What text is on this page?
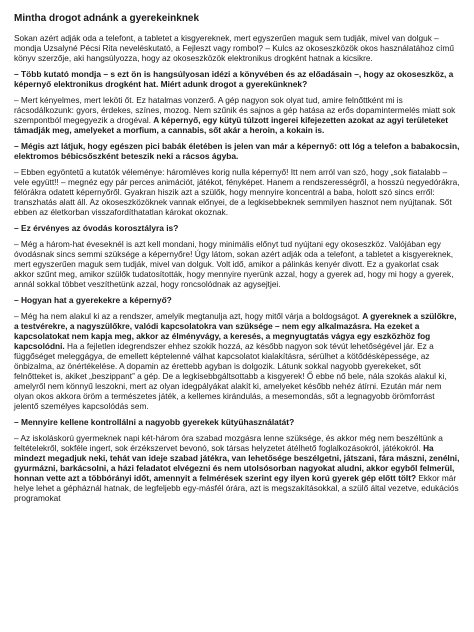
Mintha drogot adnánk a gyerekeinknek

Sokan azért adják oda a telefont, a tabletet a kisgyereknek, mert egyszerűen maguk sem tudják, mivel van dolguk – mondja Uzsalyné Pécsi Rita neveléskutató, a Fejleszt vagy rombol? – Kulcs az okoseszközök okos használatához című könyv szerzője, aki hangsúlyozza, hogy az okoseszközök elektronikus drogként hatnak a kicsikre.

– Több kutató mondja – s ezt ön is hangsúlyosan idézi a könyvében és az előadásain –, hogy az okoseszköz, a képernyő elektronikus drogként hat. Miért adunk drogot a gyerekünknek?

– Mert kényelmes, mert leköti őt. Ez hatalmas vonzerő. A gép nagyon sok olyat tud, amire felnőttként mi is rácsodálkozunk: gyors, érdekes, színes, mozog. Nem szűnik és sajnos a gép hatása az erős dopamintermelés miatt sok szempontból megegyezik a drogéval. A képernyő, egy kütyü túlzott ingerei kifejezetten azokat az agyi területeket támadják meg, amelyeket a morfium, a cannabis, sőt akár a heroin, a kokain is.

– Mégis azt látjuk, hogy egészen pici babák életében is jelen van már a képernyő: ott lóg a telefon a babakocsin, elektromos bébicsőszként beteszik neki a rácsos ágyba.

– Ebben egyöntetű a kutatók véleménye: háromléves korig nulla képernyő! Itt nem arról van szó, hogy „sok fiatalabb – vele együtt!! – megnéz egy pár perces animációt, játékot, fényképet. Hanem a rendszerességről, a hosszú negyedórákra, félórákra odatett képernyőről. Gyakran hiszik azt a szülők, hogy mennyire koncentrál a baba, holott szó sincs erről: transzhatás alatt áll. Az okoseszközöknek vannak előnyei, de a legkisebbeknek semmilyen hasznot nem nyújtanak. Sőt ebben az életkorban visszafordíthatatlan károkat okoznak.

– Ez érvényes az óvodás korosztályra is?

– Még a három-hat éveseknél is azt kell mondani, hogy minimális előnyt tud nyújtani egy okoseszköz. Valójában egy óvodásnak sincs semmi szüksége a képernyőre! Úgy látom, sokan azért adják oda a telefont, a tabletet a kisgyereknek, mert egyszerűen maguk sem tudják, mivel van dolguk. Volt idő, amikor a pálinkás kenyér divott. Ez a gyakorlat csak akkor szűnt meg, amikor szülők tudatosították, hogy mennyire nyerünk azzal, hogy a gyerek ad, hogy mi hogy a gyerek, annál sokkal többet veszíthetünk azzal, hogy roncsolódnak az agysejtjei.

– Hogyan hat a gyerekekre a képernyő?

– Még ha nem alakul ki az a rendszer, amelyik megtanulja azt, hogy mitől várja a boldogságot. A gyereknek a szülőkre, a testvérekre, a nagyszülőkre, valódi kapcsolatokra van szüksége – nem egy alkalmazásra. Ha ezeket a kapcsolatokat nem kapja meg, akkor az élményvágy, a keresés, a megnyugtatás vágya egy eszközhöz fog kapcsolódni. Ha a fejletlen idegrendszer ehhez szokik hozzá, az később nagyon sok tévút lehetőségével jár. Ez a függőséget meleggágya, de emellett képtelenné válhat kapcsolatot kialakításra, sérülhet a kötődésképessége, az önbizalma, az önértékelése. A dopamin az érettebb agyban is dolgozik. Látunk sokkal nagyobb gyerekeket, sőt felnőtteket is, akiket „beszippant” a gép. De a legkisebbgáltsottabb a kisgyerek! Ő ebbe nő bele, nála szokás alakul ki, amelyről nem könnyű leszokni, mert az olyan idegpályákat alakít ki, amelyeket később nehéz átírni. Ezután már nem olyan okos akkora öröm a természetes játék, a kellemes kirándulás, a mesemondás, sőt a legnagyobb örömforrást jelentő személyes kapcsolódás sem.

– Mennyire kellene kontrollálni a nagyobb gyerekek kütyühasználatát?

– Az iskoláskorú gyermeknek napi két-három óra szabad mozgásra lenne szüksége, és akkor még nem beszéltünk a feltételekről, sokféle ingert, sok érzékszervet bevonó, sok társas helyzetet átélhető foglalkozásokról, játékokról. Ha mindezt megadjuk neki, tehát van ideje szabad játékra, van lehetősége beszélgetni, játszani, fára mászni, zenélni, gyurmázni, barkácsolni, a házi feladatot elvégezni és nem utolsósorban nagyokat aludni, akkor egyből felmerül, honnan vette azt a többórányi időt, amennyit a felmérések szerint egy ilyen korú gyerek gép előtt tölt? Ekkor már helye lehet a gépháznál hatnak, de legfeljebb egy-másfél órára, azt is megszakításokkal, a szülő által vezetve, edukációs programokat
